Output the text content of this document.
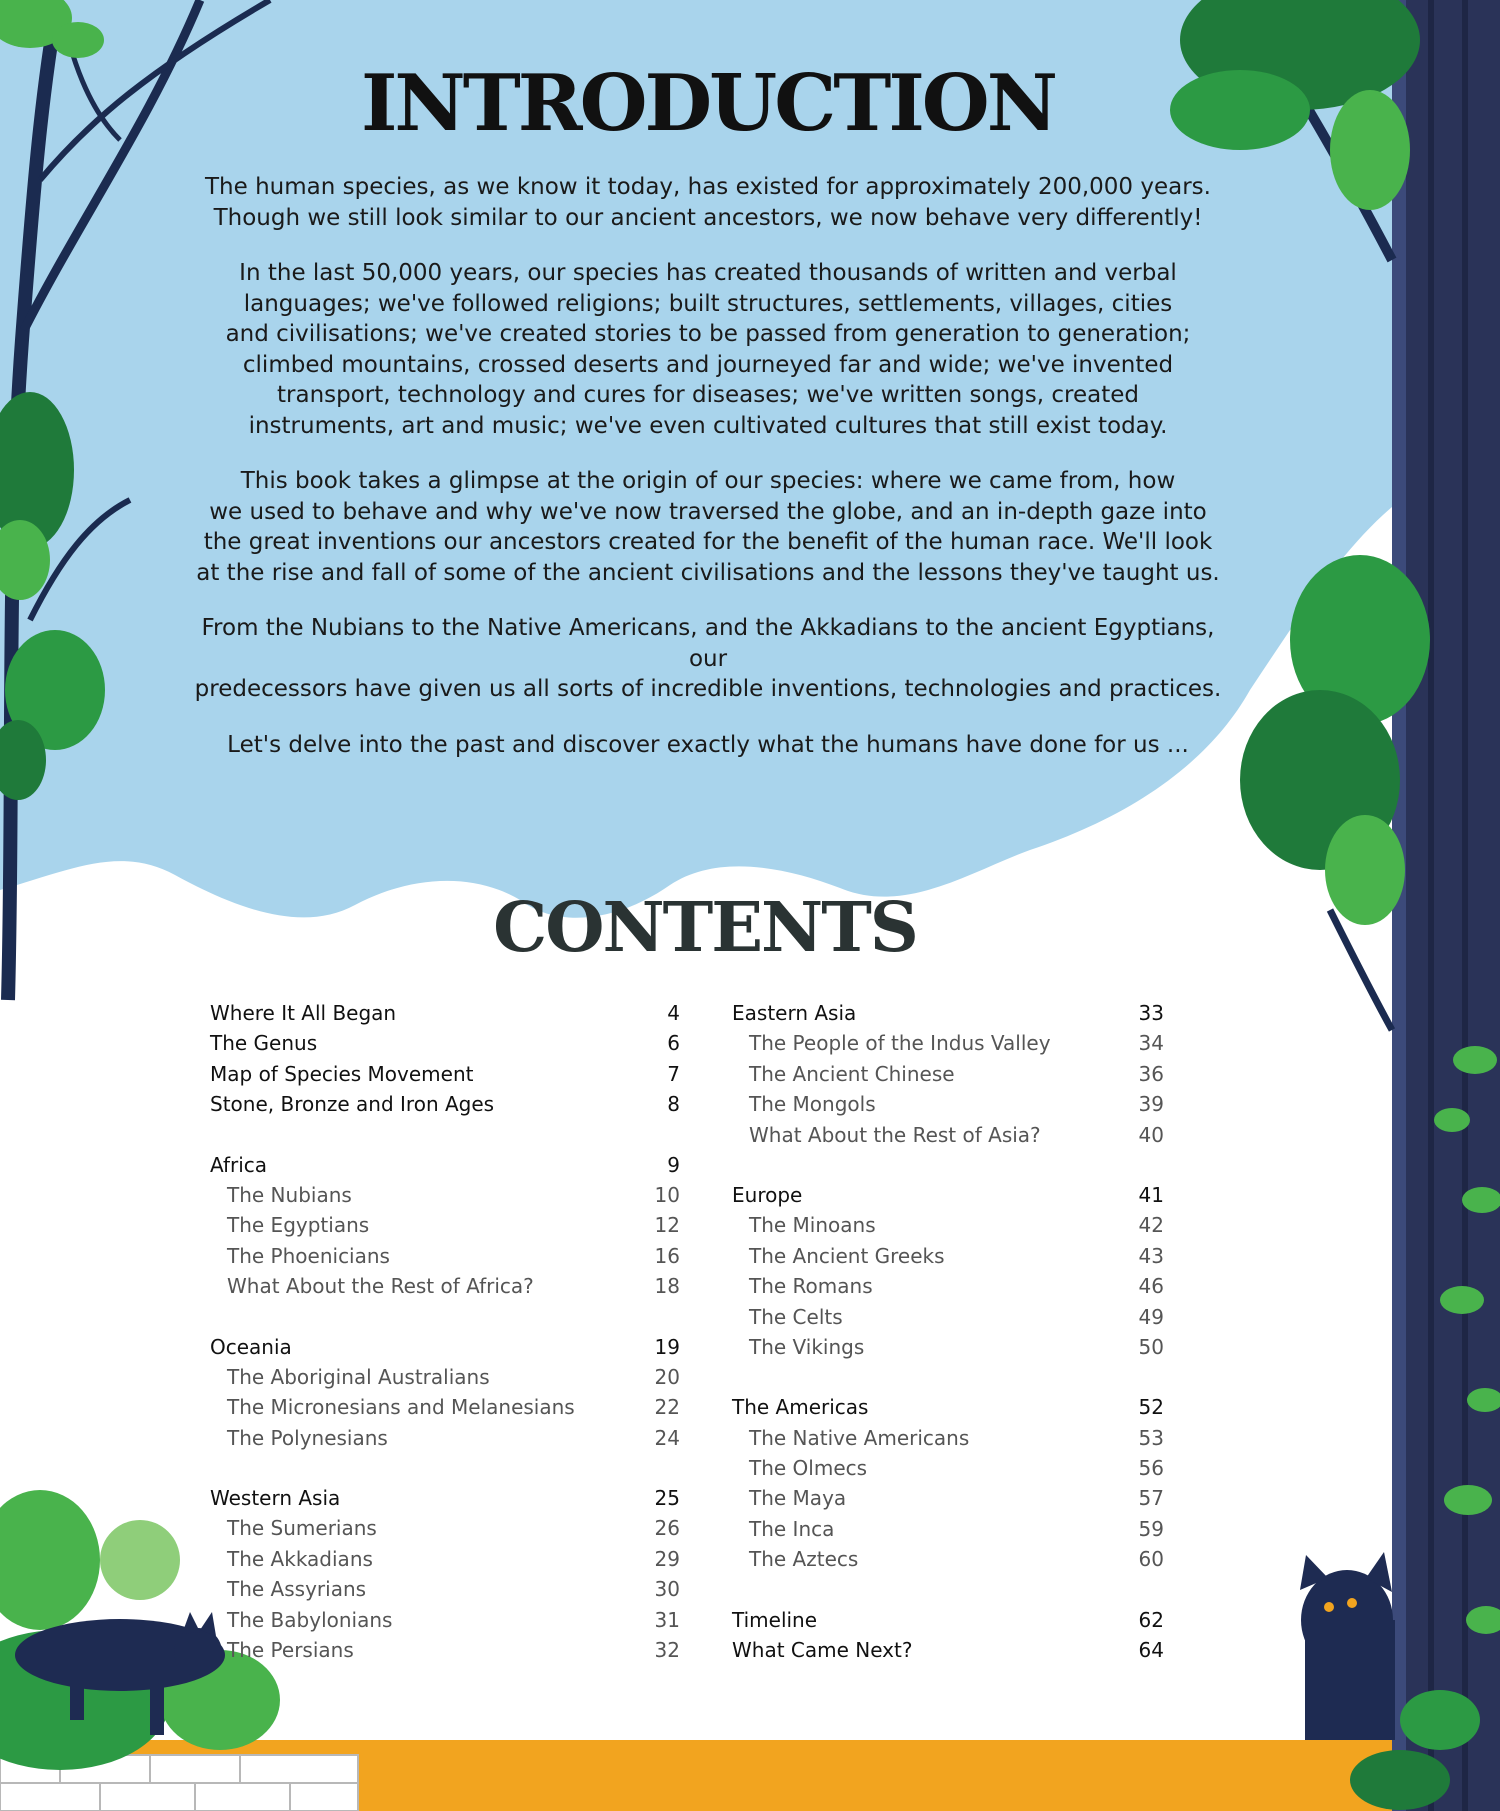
INTRODUCTION

The human species, as we know it today, has existed for approximately 200,000 years.
Though we still look similar to our ancient ancestors, we now behave very differently!

In the last 50,000 years, our species has created thousands of written and verbal
languages; we've followed religions; built structures, settlements, villages, cities
and civilisations; we've created stories to be passed from generation to generation;
climbed mountains, crossed deserts and journeyed far and wide; we've invented
transport, technology and cures for diseases; we've written songs, created
instruments, art and music; we've even cultivated cultures that still exist today.

This book takes a glimpse at the origin of our species: where we came from, how
we used to behave and why we've now traversed the globe, and an in-depth gaze into
the great inventions our ancestors created for the benefit of the human race. We'll look
at the rise and fall of some of the ancient civilisations and the lessons they've taught us.

From the Nubians to the Native Americans, and the Akkadians to the ancient Egyptians, our
predecessors have given us all sorts of incredible inventions, technologies and practices.

Let's delve into the past and discover exactly what the humans have done for us ...

CONTENTS
Where It All Began	4
The Genus	6
Map of Species Movement	7
Stone, Bronze and Iron Ages	8
Africa	9
The Nubians	10
The Egyptians	12
The Phoenicians	16
What About the Rest of Africa?	18
Oceania	19
The Aboriginal Australians	20
The Micronesians and Melanesians	22
The Polynesians	24
Western Asia	25
The Sumerians	26
The Akkadians	29
The Assyrians	30
The Babylonians	31
The Persians	32
Eastern Asia	33
The People of the Indus Valley	34
The Ancient Chinese	36
The Mongols	39
What About the Rest of Asia?	40
Europe	41
The Minoans	42
The Ancient Greeks	43
The Romans	46
The Celts	49
The Vikings	50
The Americas	52
The Native Americans	53
The Olmecs	56
The Maya	57
The Inca	59
The Aztecs	60
Timeline	62
What Came Next?	64
